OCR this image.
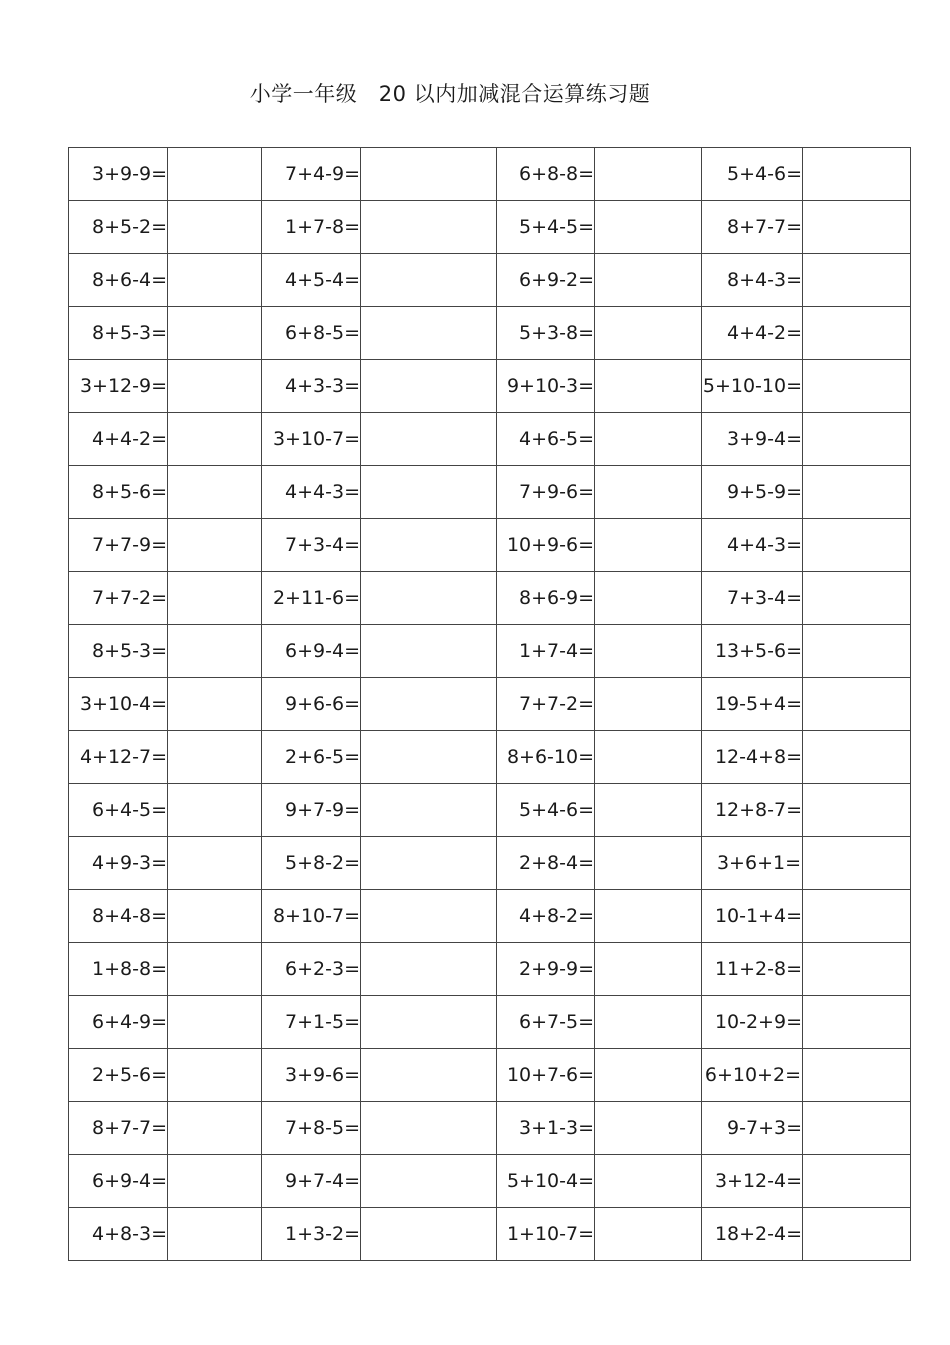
小学一年级   20 以内加减混合运算练习题
3+9-9=		7+4-9=		6+8-8=		5+4-6=	
8+5-2=		1+7-8=		5+4-5=		8+7-7=	
8+6-4=		4+5-4=		6+9-2=		8+4-3=	
8+5-3=		6+8-5=		5+3-8=		4+4-2=	
3+12-9=		4+3-3=		9+10-3=		5+10-10=	
4+4-2=		3+10-7=		4+6-5=		3+9-4=	
8+5-6=		4+4-3=		7+9-6=		9+5-9=	
7+7-9=		7+3-4=		10+9-6=		4+4-3=	
7+7-2=		2+11-6=		8+6-9=		7+3-4=	
8+5-3=		6+9-4=		1+7-4=		13+5-6=	
3+10-4=		9+6-6=		7+7-2=		19-5+4=	
4+12-7=		2+6-5=		8+6-10=		12-4+8=	
6+4-5=		9+7-9=		5+4-6=		12+8-7=	
4+9-3=		5+8-2=		2+8-4=		3+6+1=	
8+4-8=		8+10-7=		4+8-2=		10-1+4=	
1+8-8=		6+2-3=		2+9-9=		11+2-8=	
6+4-9=		7+1-5=		6+7-5=		10-2+9=	
2+5-6=		3+9-6=		10+7-6=		6+10+2=	
8+7-7=		7+8-5=		3+1-3=		9-7+3=	
6+9-4=		9+7-4=		5+10-4=		3+12-4=	
4+8-3=		1+3-2=		1+10-7=		18+2-4=	
